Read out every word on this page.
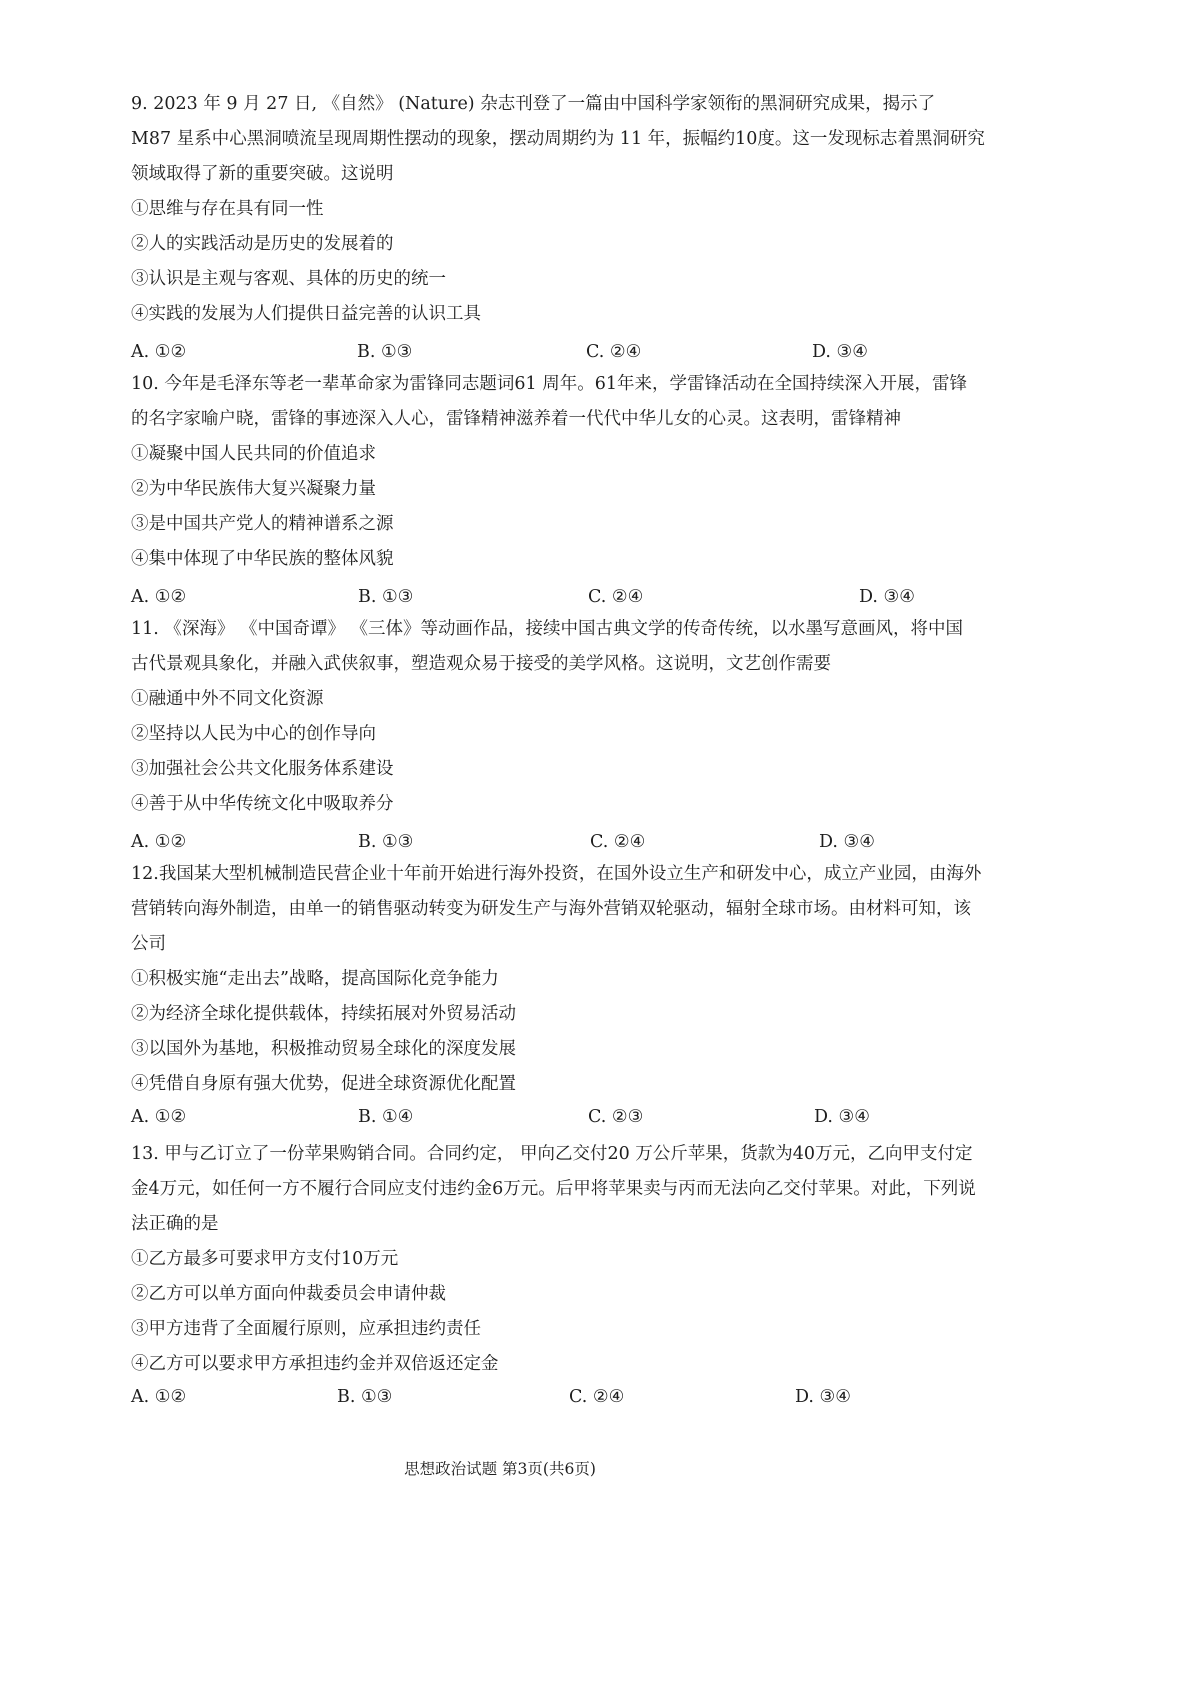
9. 2023 年 9 月 27 日, 《自然》 (Nature) 杂志刊登了一篇由中国科学家领衔的黑洞研究成果，揭示了
M87 星系中心黑洞喷流呈现周期性摆动的现象，摆动周期约为 11 年，振幅约10度。这一发现标志着黑洞研究
领域取得了新的重要突破。这说明
①思维与存在具有同一性
②人的实践活动是历史的发展着的
③认识是主观与客观、具体的历史的统一
④实践的发展为人们提供日益完善的认识工具
A. ①②	B. ①③	C. ②④	D. ③④
10. 今年是毛泽东等老一辈革命家为雷锋同志题词61 周年。61年来，学雷锋活动在全国持续深入开展，雷锋
的名字家喻户晓，雷锋的事迹深入人心，雷锋精神滋养着一代代中华儿女的心灵。这表明，雷锋精神
①凝聚中国人民共同的价值追求
②为中华民族伟大复兴凝聚力量
③是中国共产党人的精神谱系之源
④集中体现了中华民族的整体风貌
A. ①②	B. ①③	C. ②④	D. ③④
11. 《深海》 《中国奇谭》 《三体》等动画作品，接续中国古典文学的传奇传统，以水墨写意画风，将中国
古代景观具象化，并融入武侠叙事，塑造观众易于接受的美学风格。这说明，文艺创作需要
①融通中外不同文化资源
②坚持以人民为中心的创作导向
③加强社会公共文化服务体系建设
④善于从中华传统文化中吸取养分
A. ①②	B. ①③	C. ②④	D. ③④
12.我国某大型机械制造民营企业十年前开始进行海外投资，在国外设立生产和研发中心，成立产业园，由海外
营销转向海外制造，由单一的销售驱动转变为研发生产与海外营销双轮驱动，辐射全球市场。由材料可知，该
公司
①积极实施“走出去”战略，提高国际化竞争能力
②为经济全球化提供载体，持续拓展对外贸易活动
③以国外为基地，积极推动贸易全球化的深度发展
④凭借自身原有强大优势，促进全球资源优化配置
A. ①②	B. ①④	C. ②③	D. ③④
13. 甲与乙订立了一份苹果购销合同。合同约定， 甲向乙交付20 万公斤苹果，货款为40万元，乙向甲支付定
金4万元，如任何一方不履行合同应支付违约金6万元。后甲将苹果卖与丙而无法向乙交付苹果。对此，下列说
法正确的是
①乙方最多可要求甲方支付10万元
②乙方可以单方面向仲裁委员会申请仲裁
③甲方违背了全面履行原则，应承担违约责任
④乙方可以要求甲方承担违约金并双倍返还定金
A. ①②	B. ①③	C. ②④	D. ③④
思想政治试题 第3页(共6页)
